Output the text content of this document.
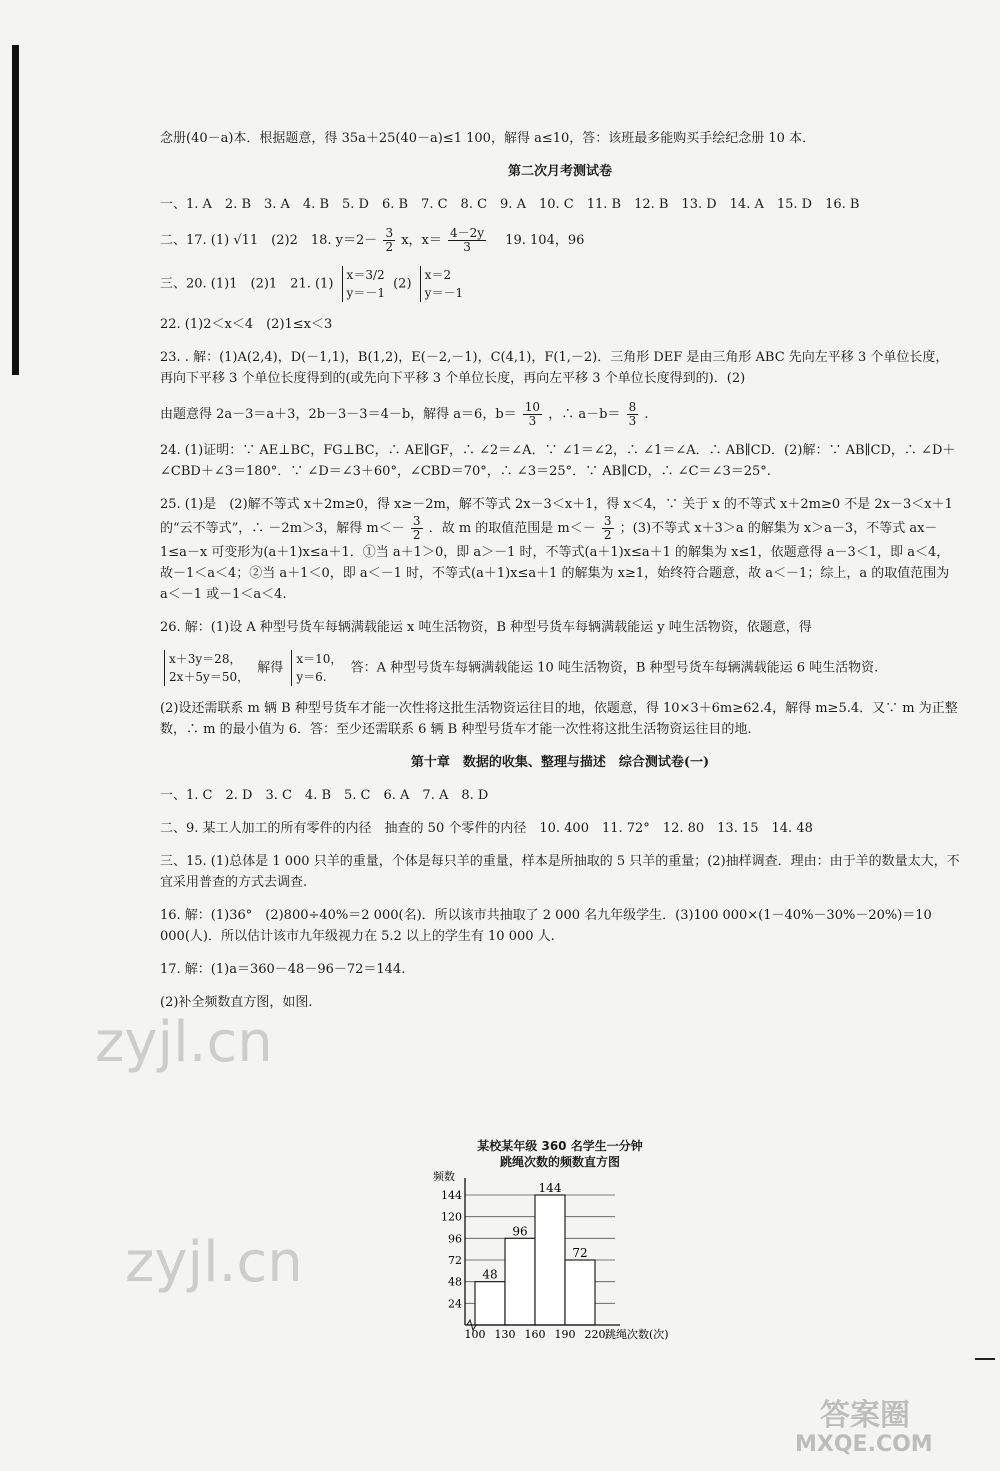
念册(40－a)本．根据题意，得 35a＋25(40－a)≤1 100，解得 a≤10，答：该班最多能购买手绘纪念册 10 本．
第二次月考测试卷
一、1. A　2. B　3. A　4. B　5. D　6. B　7. C　8. C　9. A　10. C　11. B　12. B　13. D　14. A　15. D　16. B
二、17. (1) √11　(2)2　18. $y=2- \frac{3}{2}$ x，$x= \frac{4-2y}{3}$ 　19. 104，96
三、20. (1)1　(2)1　21. (1)
x＝3/2
y＝－1
(2)
x＝2
y＝－1
22. (1)2＜x＜4　(2)1≤x＜3
23. . 解：(1)A(2,4)，D(－1,1)，B(1,2)，E(－2,－1)，C(4,1)，F(1,－2)．三角形 DEF 是由三角形 ABC 先向左平移 3 个单位长度，再向下平移 3 个单位长度得到的(或先向下平移 3 个单位长度，再向左平移 3 个单位长度得到的)．(2)
由题意得 2a－3＝a＋3，2b－3－3＝4－b，解得 a＝6，$b= \frac{10}{3}$ ，∴ $a-b= \frac{8}{3}$ .
24. (1)证明：∵ AE⊥BC，FG⊥BC，∴ AE∥GF，∴ ∠2＝∠A．∵ ∠1＝∠2，∴ ∠1＝∠A．∴ AB∥CD．(2)解：∵ AB∥CD，∴ ∠D＋∠CBD＋∠3＝180°．∵ ∠D＝∠3＋60°，∠CBD＝70°，∴ ∠3＝25°．∵ AB∥CD，∴ ∠C＝∠3＝25°.
25. (1)是　(2)解不等式 x＋2m≥0，得 x≥－2m，解不等式 2x－3＜x＋1，得 x＜4，∵ 关于 x 的不等式 x＋2m≥0 不是 2x－3＜x＋1 的“云不等式”，∴ －2m＞3，解得 $m<- \frac{3}{2}$ ．故 m 的取值范围是 $m<- \frac{3}{2}$ ；(3)不等式 x＋3＞a 的解集为 x＞a－3，不等式 ax－1≤a－x 可变形为(a＋1)x≤a＋1．①当 a＋1＞0，即 a＞－1 时，不等式(a＋1)x≤a＋1 的解集为 x≤1，依题意得 a－3＜1，即 a＜4，故－1＜a＜4；②当 a＋1＜0，即 a＜－1 时，不等式(a＋1)x≤a＋1 的解集为 x≥1，始终符合题意，故 a＜－1；综上，a 的取值范围为 a＜－1 或－1＜a＜4.
26. 解：(1)设 A 种型号货车每辆满载能运 x 吨生活物资，B 种型号货车每辆满载能运 y 吨生活物资，依题意，得
x＋3y＝28，
2x＋5y＝50，
解得
x＝10，
y＝6.
答：A 种型号货车每辆满载能运 10 吨生活物资，B 种型号货车每辆满载能运 6 吨生活物资.
(2)设还需联系 m 辆 B 种型号货车才能一次性将这批生活物资运往目的地，依题意，得 10×3＋6m≥62.4，解得 m≥5.4．又∵ m 为正整数，∴ m 的最小值为 6．答：至少还需联系 6 辆 B 种型号货车才能一次性将这批生活物资运往目的地.
第十章　数据的收集、整理与描述　综合测试卷(一)
一、1. C　2. D　3. C　4. B　5. C　6. A　7. A　8. D
二、9. 某工人加工的所有零件的内径　抽查的 50 个零件的内径　10. 400　11. 72°　12. 80　13. 15　14. 48
三、15. (1)总体是 1 000 只羊的重量，个体是每只羊的重量，样本是所抽取的 5 只羊的重量；(2)抽样调查．理由：由于羊的数量太大，不宜采用普查的方式去调查.
16. 解：(1)36°　(2)800÷40%＝2 000(名)．所以该市共抽取了 2 000 名九年级学生．(3)100 000×(1－40%－30%－20%)＝10 000(人)．所以估计该市九年级视力在 5.2 以上的学生有 10 000 人.
17. 解：(1)a＝360－48－96－72＝144.
(2)补全频数直方图，如图.
某校某年级 360 名学生一分钟
跳绳次数的频数直方图
24
48
72
96
120
144
48
96
144
72
100 130 160 190 220 跳绳次数(次)
频数
zyjl.cn
zyjl.cn
答案圈
MXQE.COM
